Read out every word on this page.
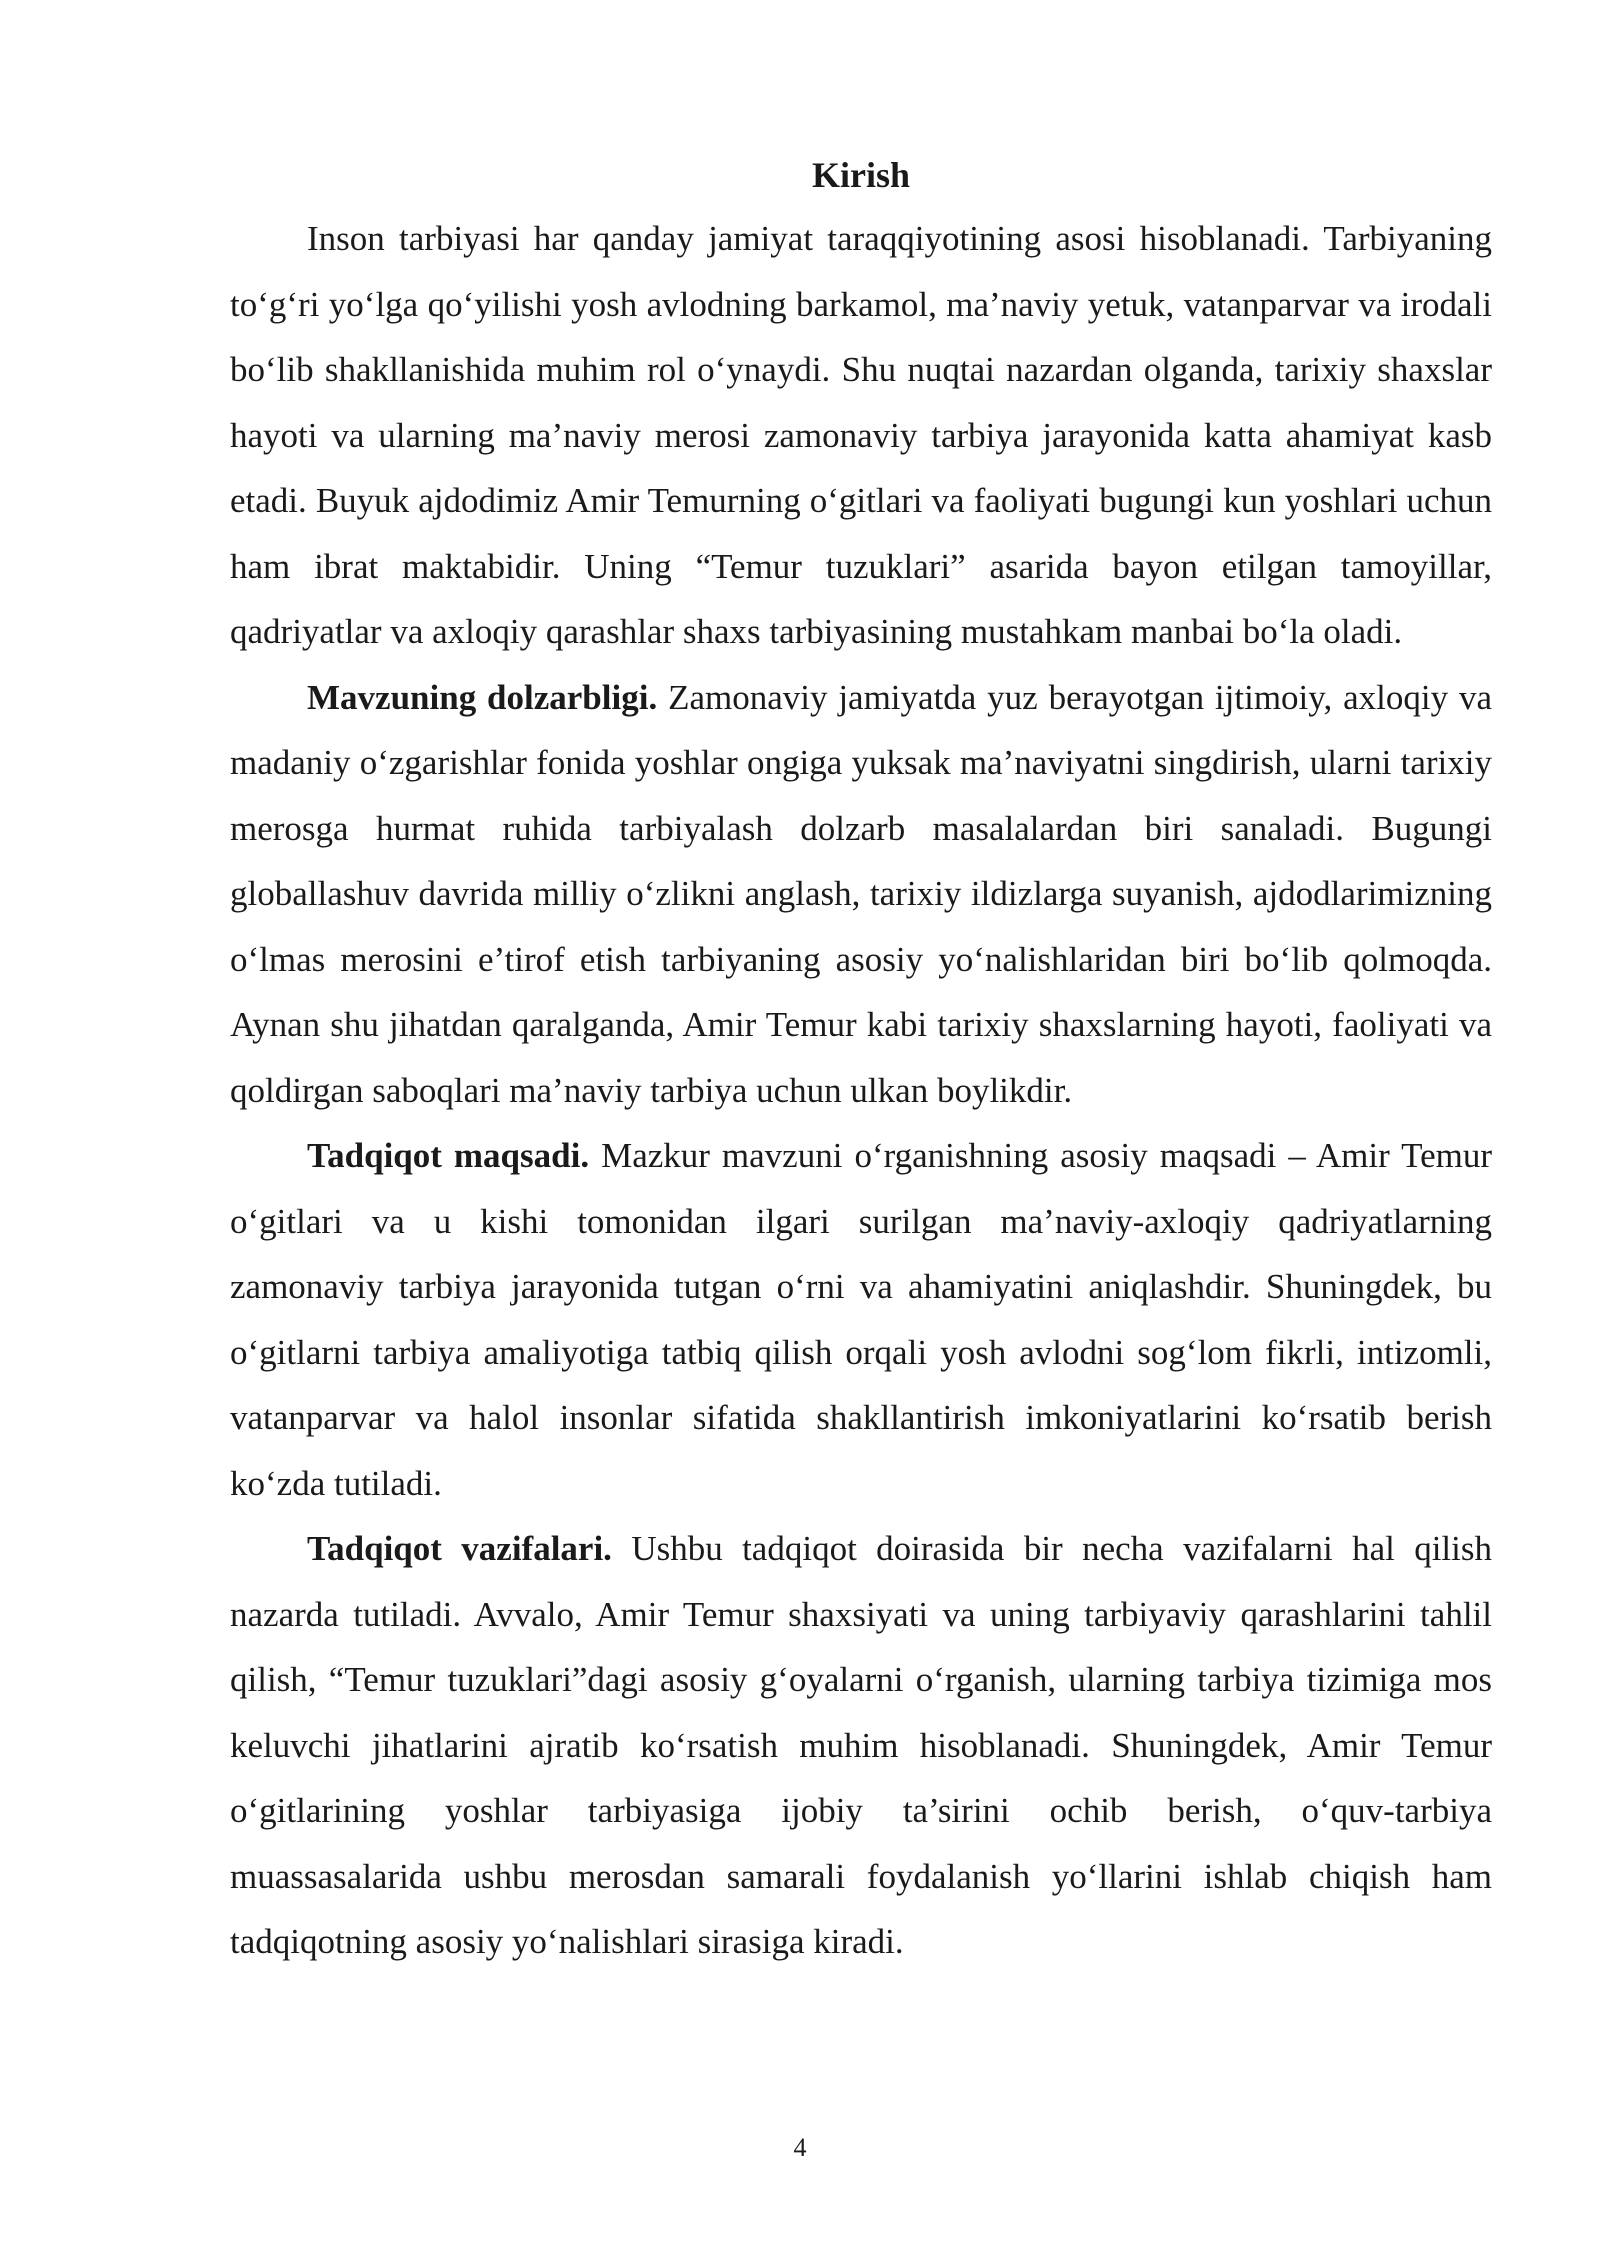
Kirish

Inson tarbiyasi har qanday jamiyat taraqqiyotining asosi hisoblanadi. Tarbiyaning to‘g‘ri yo‘lga qo‘yilishi yosh avlodning barkamol, ma’naviy yetuk, vatanparvar va irodali bo‘lib shakllanishida muhim rol o‘ynaydi. Shu nuqtai nazardan olganda, tarixiy shaxslar hayoti va ularning ma’naviy merosi zamonaviy tarbiya jarayonida katta ahamiyat kasb etadi. Buyuk ajdodimiz Amir Temurning o‘gitlari va faoliyati bugungi kun yoshlari uchun ham ibrat maktabidir. Uning “Temur tuzuklari” asarida bayon etilgan tamoyillar, qadriyatlar va axloqiy qarashlar shaxs tarbiyasining mustahkam manbai bo‘la oladi.

Mavzuning dolzarbligi. Zamonaviy jamiyatda yuz berayotgan ijtimoiy, axloqiy va madaniy o‘zgarishlar fonida yoshlar ongiga yuksak ma’naviyatni singdirish, ularni tarixiy merosga hurmat ruhida tarbiyalash dolzarb masalalardan biri sanaladi. Bugungi globallashuv davrida milliy o‘zlikni anglash, tarixiy ildizlarga suyanish, ajdodlarimizning o‘lmas merosini e’tirof etish tarbiyaning asosiy yo‘nalishlaridan biri bo‘lib qolmoqda. Aynan shu jihatdan qaralganda, Amir Temur kabi tarixiy shaxslarning hayoti, faoliyati va qoldirgan saboqlari ma’naviy tarbiya uchun ulkan boylikdir.

Tadqiqot maqsadi. Mazkur mavzuni o‘rganishning asosiy maqsadi – Amir Temur o‘gitlari va u kishi tomonidan ilgari surilgan ma’naviy-axloqiy qadriyatlarning zamonaviy tarbiya jarayonida tutgan o‘rni va ahamiyatini aniqlashdir. Shuningdek, bu o‘gitlarni tarbiya amaliyotiga tatbiq qilish orqali yosh avlodni sog‘lom fikrli, intizomli, vatanparvar va halol insonlar sifatida shakllantirish imkoniyatlarini ko‘rsatib berish ko‘zda tutiladi.

Tadqiqot vazifalari. Ushbu tadqiqot doirasida bir necha vazifalarni hal qilish nazarda tutiladi. Avvalo, Amir Temur shaxsiyati va uning tarbiyaviy qarashlarini tahlil qilish, “Temur tuzuklari”dagi asosiy g‘oyalarni o‘rganish, ularning tarbiya tizimiga mos keluvchi jihatlarini ajratib ko‘rsatish muhim hisoblanadi. Shuningdek, Amir Temur o‘gitlarining yoshlar tarbiyasiga ijobiy ta’sirini ochib berish, o‘quv-tarbiya muassasalarida ushbu merosdan samarali foydalanish yo‘llarini ishlab chiqish ham tadqiqotning asosiy yo‘nalishlari sirasiga kiradi.

4
